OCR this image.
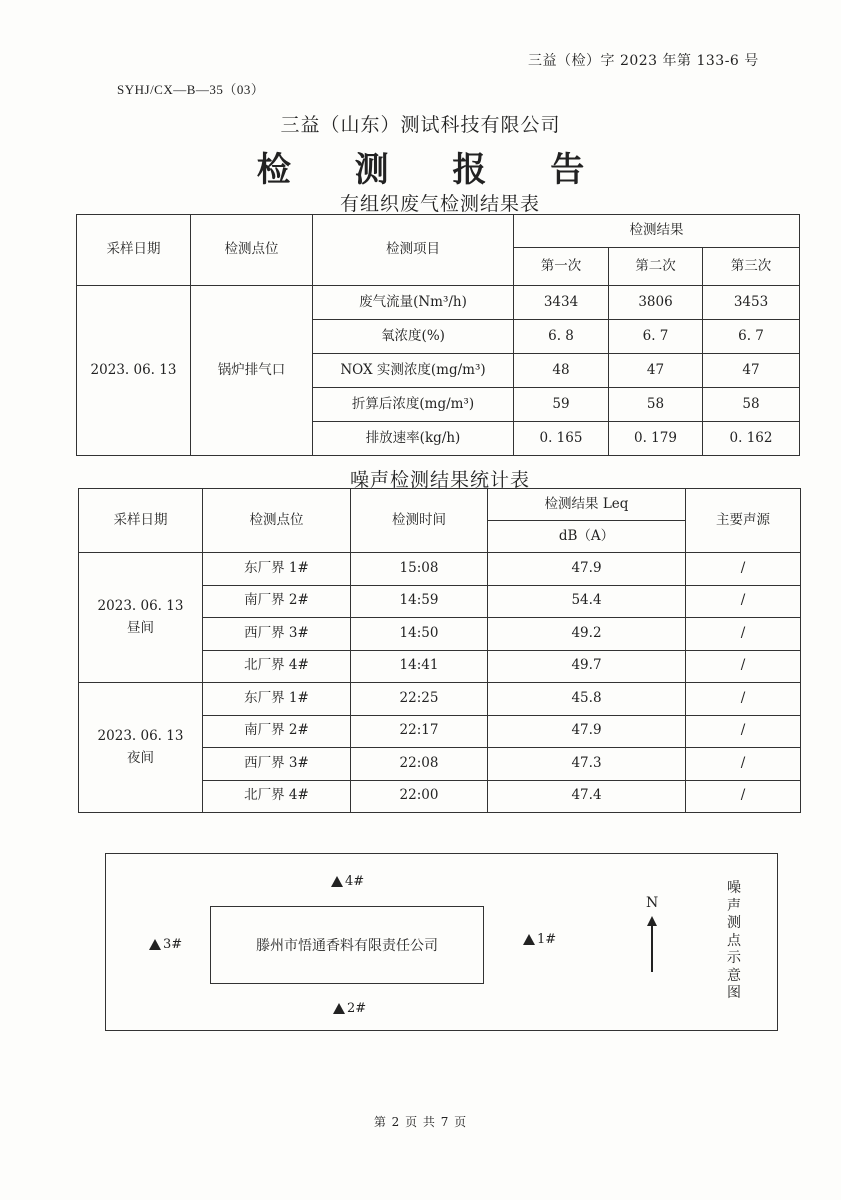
三益（检）字 2023 年第 133-6 号
SYHJ/CX—B—35（03）
三益（山东）测试科技有限公司
检 测 报 告
有组织废气检测结果表
采样日期	检测点位	检测项目	检测结果		
			第一次	第二次	第三次
2023. 06. 13	锅炉排气口	废气流量(Nm³/h)	3434	3806	3453
		氧浓度(%)	6. 8	6. 7	6. 7
		NOX 实测浓度(mg/m³)	48	47	47
		折算后浓度(mg/m³)	59	58	58
		排放速率(kg/h)	0. 165	0. 179	0. 162
噪声检测结果统计表
采样日期	检测点位	检测时间	检测结果 Leq	主要声源
			dB（A）	

2023. 06. 13
昼间	东厂界 1#	15:08	47.9	/
	南厂界 2#	14:59	54.4	/
	西厂界 3#	14:50	49.2	/
	北厂界 4#	14:41	49.7	/

2023. 06. 13
夜间	东厂界 1#	22:25	45.8	/
	南厂界 2#	22:17	47.9	/
	西厂界 3#	22:08	47.3	/
	北厂界 4#	22:00	47.4	/
滕州市悟通香料有限责任公司
4#
3#	1#
2#
N
噪声测点示意图
第 2 页 共 7 页
